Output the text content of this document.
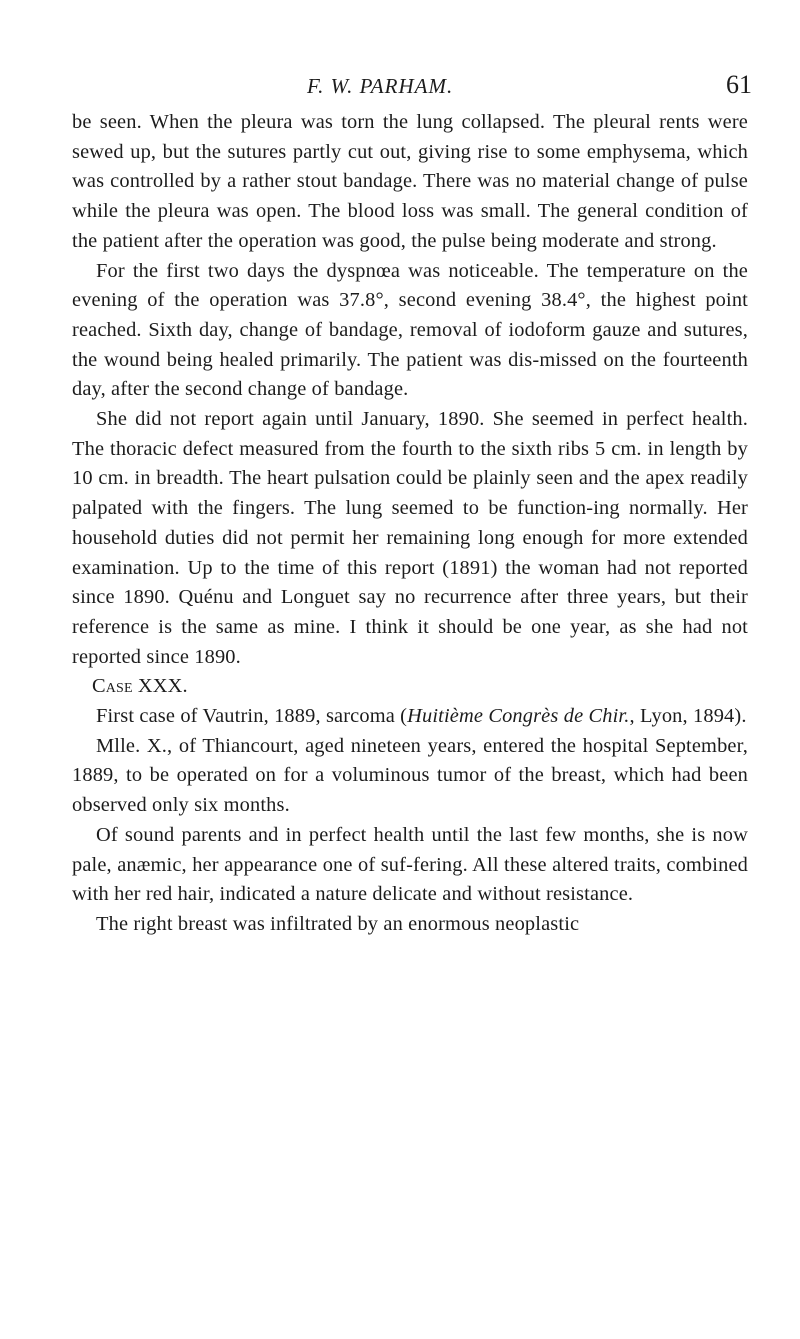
F. W. PARHAM.	61

be seen. When the pleura was torn the lung collapsed. The pleural rents were sewed up, but the sutures partly cut out, giving rise to some emphysema, which was controlled by a rather stout bandage. There was no material change of pulse while the pleura was open. The blood loss was small. The general condition of the patient after the operation was good, the pulse being moderate and strong.

For the first two days the dyspnœa was noticeable. The temperature on the evening of the operation was 37.8°, second evening 38.4°, the highest point reached. Sixth day, change of bandage, removal of iodoform gauze and sutures, the wound being healed primarily. The patient was dis-missed on the fourteenth day, after the second change of bandage.

She did not report again until January, 1890. She seemed in perfect health. The thoracic defect measured from the fourth to the sixth ribs 5 cm. in length by 10 cm. in breadth. The heart pulsation could be plainly seen and the apex readily palpated with the fingers. The lung seemed to be function-ing normally. Her household duties did not permit her remaining long enough for more extended examination. Up to the time of this report (1891) the woman had not reported since 1890. Quénu and Longuet say no recurrence after three years, but their reference is the same as mine. I think it should be one year, as she had not reported since 1890.

Case XXX.

First case of Vautrin, 1889, sarcoma (Huitième Congrès de Chir., Lyon, 1894).

Mlle. X., of Thiancourt, aged nineteen years, entered the hospital September, 1889, to be operated on for a voluminous tumor of the breast, which had been observed only six months.

Of sound parents and in perfect health until the last few months, she is now pale, anæmic, her appearance one of suf-fering. All these altered traits, combined with her red hair, indicated a nature delicate and without resistance.

The right breast was infiltrated by an enormous neoplastic
